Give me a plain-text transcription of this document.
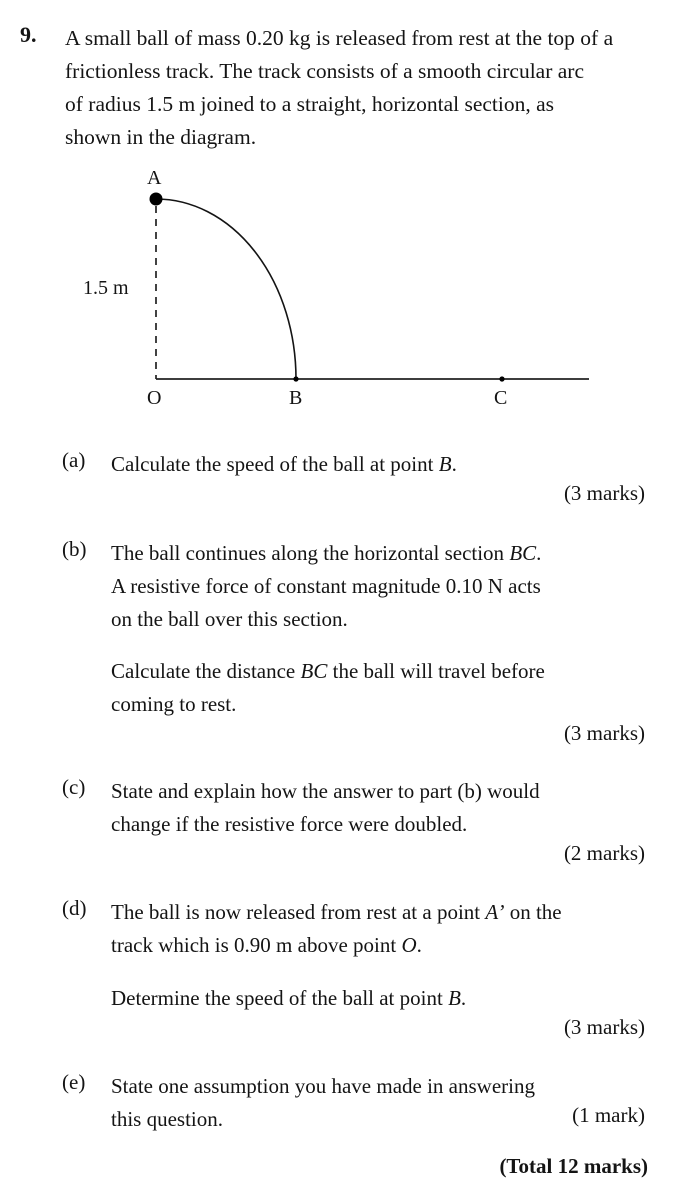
9. A small ball of mass 0.20 kg is released from rest at the top of a
frictionless track. The track consists of a smooth circular arc
of radius 1.5 m joined to a straight, horizontal section, as
shown in the diagram.
A
1.5 m
O	B	C
(a) Calculate the speed of the ball at point B.
(3 marks)
(b) The ball continues along the horizontal section BC.
A resistive force of constant magnitude 0.10 N acts
on the ball over this section.
Calculate the distance BC the ball will travel before
coming to rest.
(3 marks)
(c) State and explain how the answer to part (b) would
change if the resistive force were doubled.
(2 marks)
(d) The ball is now released from rest at a point A’ on the
track which is 0.90 m above point O.
Determine the speed of the ball at point B.
(3 marks)
(e) State one assumption you have made in answering
this question.	(1 mark)
(Total 12 marks)
